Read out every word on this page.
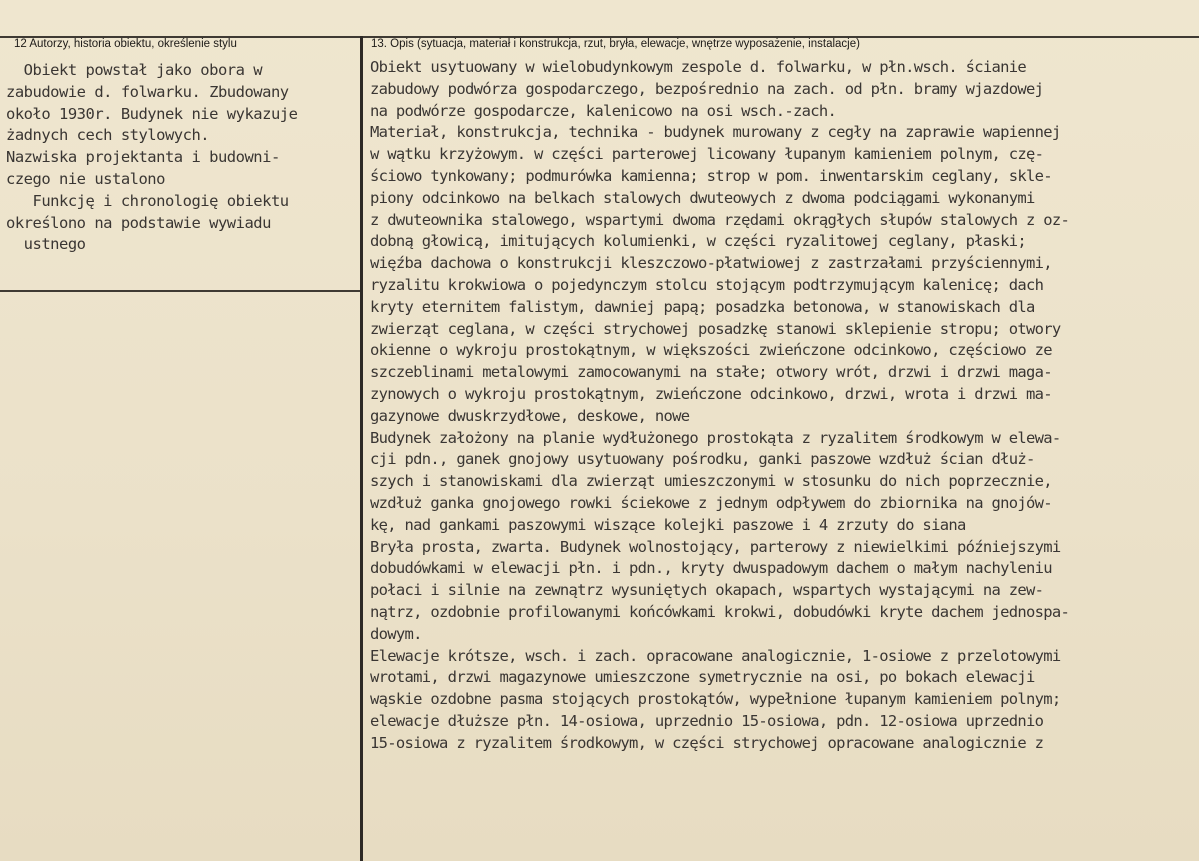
12 Autorzy, historia obiektu, określenie stylu	13. Opis (sytuacja, materiał i konstrukcja, rzut, bryła, elewacje, wnętrze wyposażenie, instalacje)
Obiekt powstał jako obora w
zabudowie d. folwarku. Zbudowany
około 1930r. Budynek nie wykazuje
żadnych cech stylowych.
Nazwiska projektanta i budowni-
czego nie ustalono
Funkcję i chronologię obiektu
określono na podstawie wywiadu
ustnego
Obiekt usytuowany w wielobudynkowym zespole d. folwarku, w płn.wsch. ścianie
zabudowy podwórza gospodarczego, bezpośrednio na zach. od płn. bramy wjazdowej
na podwórze gospodarcze, kalenicowo na osi wsch.-zach.
Materiał, konstrukcja, technika - budynek murowany z cegły na zaprawie wapiennej
w wątku krzyżowym. w części parterowej licowany łupanym kamieniem polnym, czę-
ściowo tynkowany; podmurówka kamienna; strop w pom. inwentarskim ceglany, skle-
piony odcinkowo na belkach stalowych dwuteowych z dwoma podciągami wykonanymi
z dwuteownika stalowego, wspartymi dwoma rzędami okrągłych słupów stalowych z oz-
dobną głowicą, imitujących kolumienki, w części ryzalitowej ceglany, płaski;
więźba dachowa o konstrukcji kleszczowo-płatwiowej z zastrzałami przyściennymi,
ryzalitu krokwiowa o pojedynczym stolcu stojącym podtrzymującym kalenicę; dach
kryty eternitem falistym, dawniej papą; posadzka betonowa, w stanowiskach dla
zwierząt ceglana, w części strychowej posadzkę stanowi sklepienie stropu; otwory
okienne o wykroju prostokątnym, w większości zwieńczone odcinkowo, częściowo ze
szczeblinami metalowymi zamocowanymi na stałe; otwory wrót, drzwi i drzwi maga-
zynowych o wykroju prostokątnym, zwieńczone odcinkowo, drzwi, wrota i drzwi ma-
gazynowe dwuskrzydłowe, deskowe, nowe
Budynek założony na planie wydłużonego prostokąta z ryzalitem środkowym w elewa-
cji pdn., ganek gnojowy usytuowany pośrodku, ganki paszowe wzdłuż ścian dłuż-
szych i stanowiskami dla zwierząt umieszczonymi w stosunku do nich poprzecznie,
wzdłuż ganka gnojowego rowki ściekowe z jednym odpływem do zbiornika na gnojów-
kę, nad gankami paszowymi wiszące kolejki paszowe i 4 zrzuty do siana
Bryła prosta, zwarta. Budynek wolnostojący, parterowy z niewielkimi późniejszymi
dobudówkami w elewacji płn. i pdn., kryty dwuspadowym dachem o małym nachyleniu
połaci i silnie na zewnątrz wysuniętych okapach, wspartych wystającymi na zew-
nątrz, ozdobnie profilowanymi końcówkami krokwi, dobudówki kryte dachem jednospa-
dowym.
Elewacje krótsze, wsch. i zach. opracowane analogicznie, 1-osiowe z przelotowymi
wrotami, drzwi magazynowe umieszczone symetrycznie na osi, po bokach elewacji
wąskie ozdobne pasma stojących prostokątów, wypełnione łupanym kamieniem polnym;
elewacje dłuższe płn. 14-osiowa, uprzednio 15-osiowa, pdn. 12-osiowa uprzednio
15-osiowa z ryzalitem środkowym, w części strychowej opracowane analogicznie z
